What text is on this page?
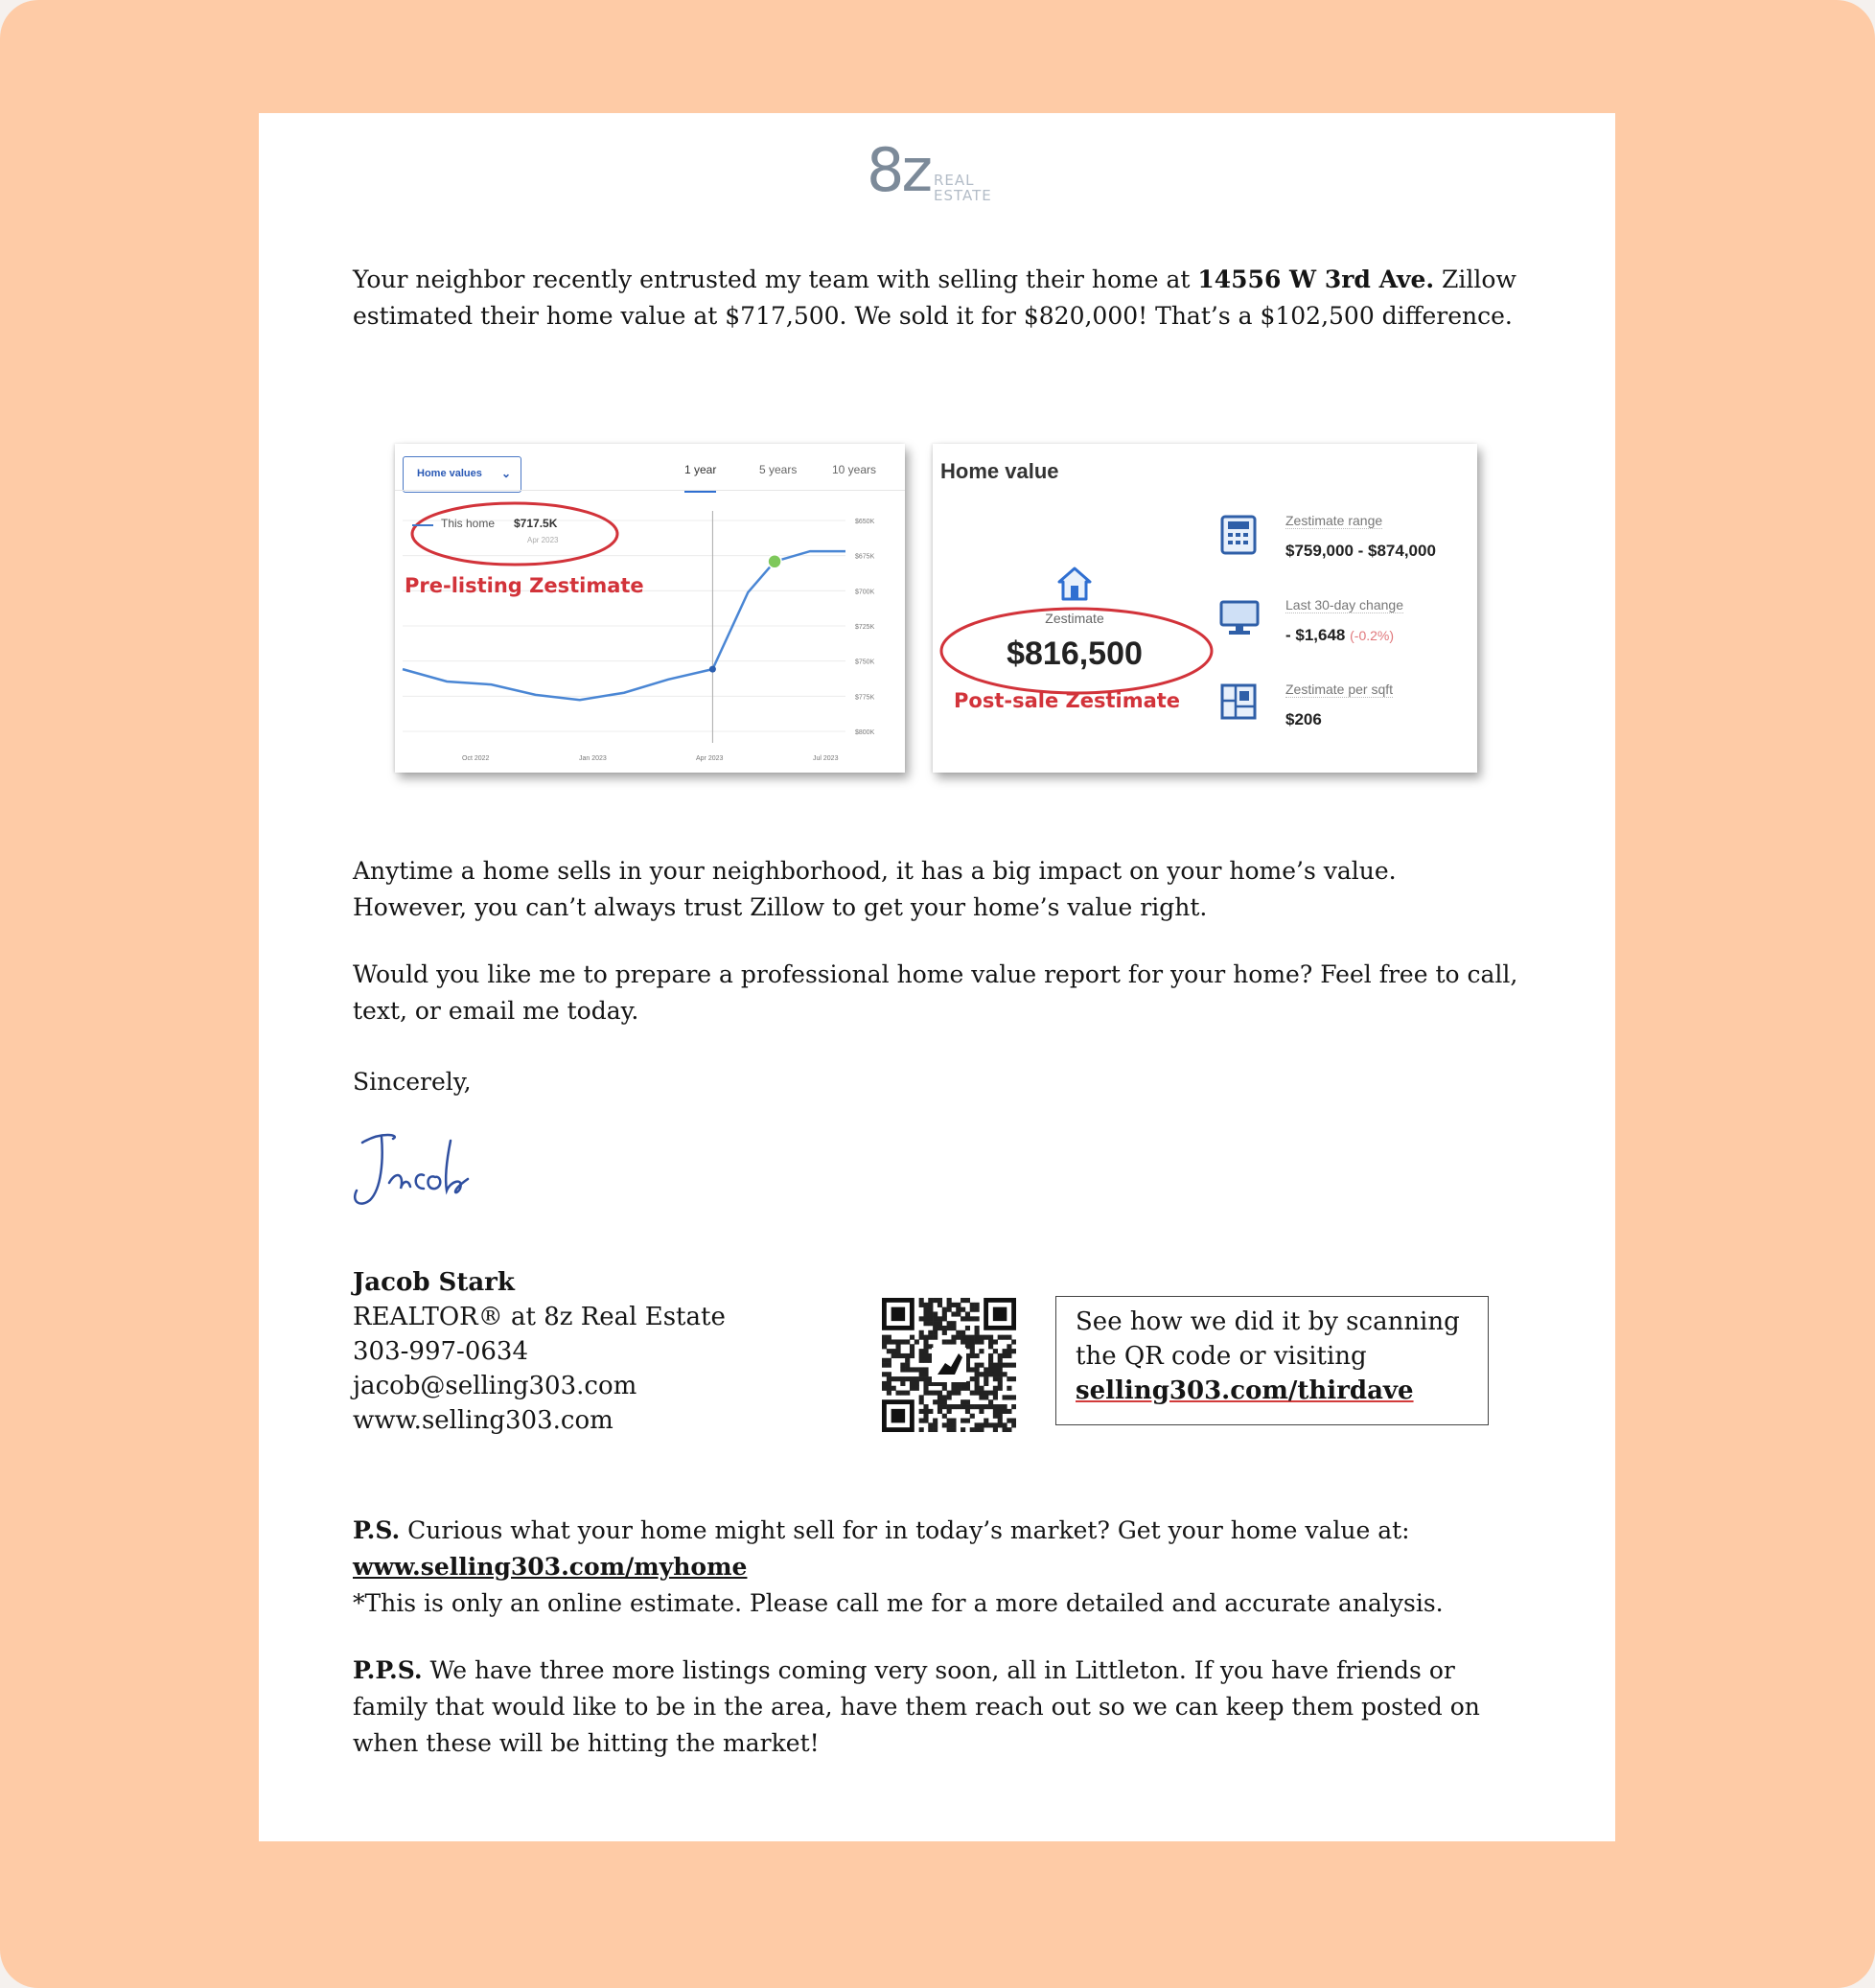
8z REAL
ESTATE
Your neighbor recently entrusted my team with selling their home at 14556 W 3rd Ave. Zillow estimated their home value at $717,500. We sold it for $820,000! That’s a $102,500 difference.
Home values ⌄	1 year	5 years	10 years
$800K
$775K
$750K
$725K
$700K
$675K
$650K
Oct 2022	Jan 2023	Apr 2023	Jul 2023
This home $717.5K
Apr 2023
Pre-listing Zestimate
Home value
Zestimate
$816,500
Post-sale Zestimate
Zestimate range
$759,000 - $874,000
Last 30-day change
- $1,648 (-0.2%)
Zestimate per sqft
$206
Anytime a home sells in your neighborhood, it has a big impact on your home’s value.
However, you can’t always trust Zillow to get your home’s value right.
Would you like me to prepare a professional home value report for your home? Feel free to call, text, or email me today.
Sincerely,
Jacob Stark
REALTOR® at 8z Real Estate
303-997-0634
jacob@selling303.com
www.selling303.com
See how we did it by scanning
the QR code or visiting
selling303.com/thirdave
P.S. Curious what your home might sell for in today’s market? Get your home value at:
www.selling303.com/myhome
*This is only an online estimate. Please call me for a more detailed and accurate analysis.
P.P.S. We have three more listings coming very soon, all in Littleton. If you have friends or family that would like to be in the area, have them reach out so we can keep them posted on when these will be hitting the market!
